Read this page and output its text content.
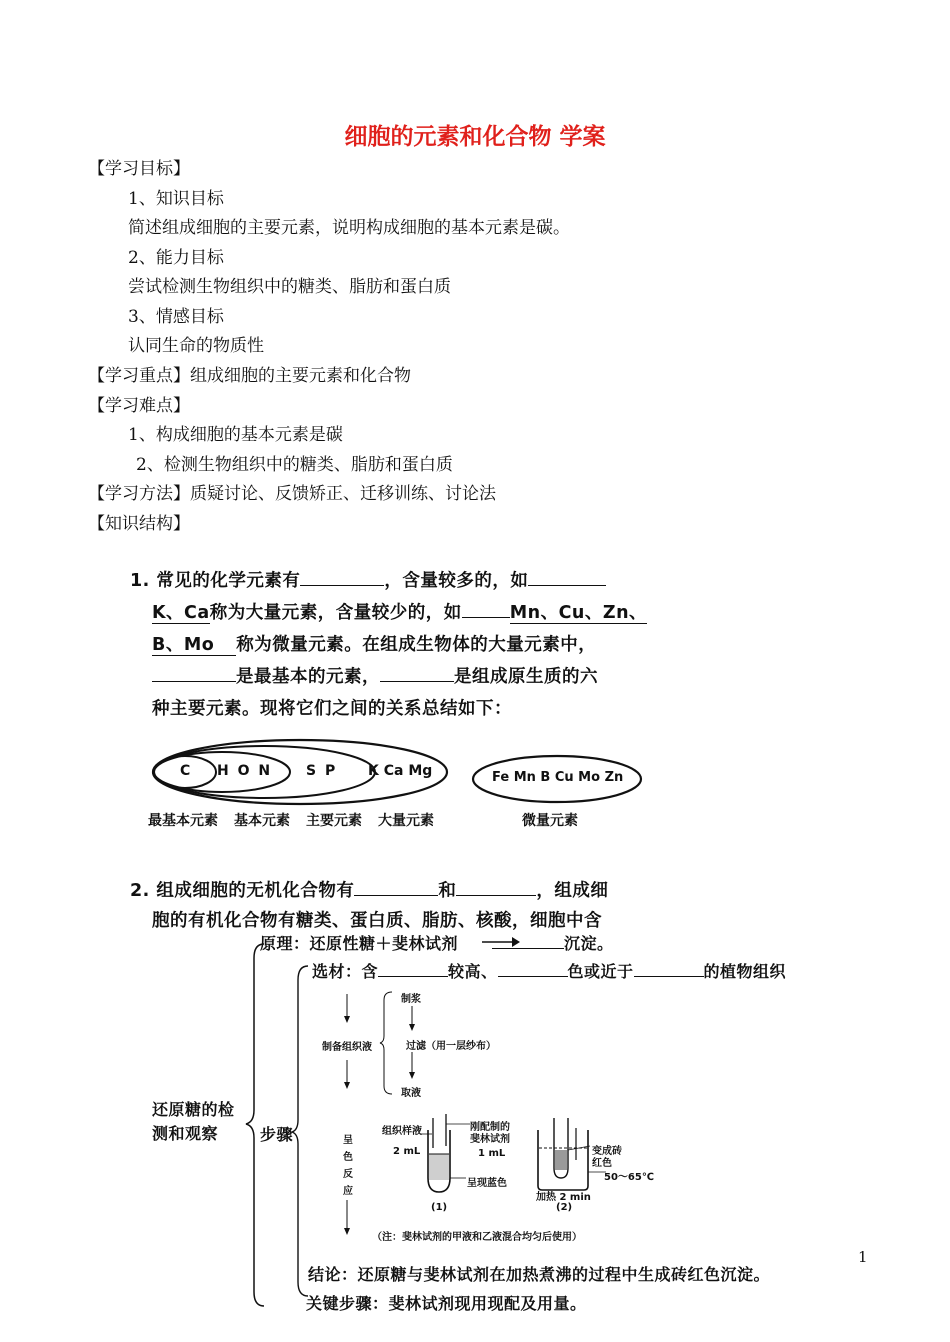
细胞的元素和化合物 学案
【学习目标】
1、知识目标
简述组成细胞的主要元素，说明构成细胞的基本元素是碳。
2、能力目标
尝试检测生物组织中的糖类、脂肪和蛋白质
3、情感目标
认同生命的物质性
【学习重点】组成细胞的主要元素和化合物
【学习难点】
1、构成细胞的基本元素是碳
2、检测生物组织中的糖类、脂肪和蛋白质
【学习方法】质疑讨论、反馈矫正、迁移训练、讨论法
【知识结构】
1. 常见的化学元素有	，含量较多的，如
K、Ca称为大量元素，含量较少的，如	Mn、Cu、Zn、
B、Mo 称为微量元素。在组成生物体的大量元素中，
是最基本的元素，	是组成原生质的六
种主要元素。现将它们之间的关系总结如下：
C H O N S P K Ca Mg	Fe Mn B Cu Mo Zn
最基本元素 基本元素 主要元素 大量元素	微量元素
2. 组成细胞的无机化合物有	和	，组成细
胞的有机化合物有糖类、蛋白质、脂肪、核酸，细胞中含
原理：还原性糖＋斐林试剂	沉淀。
选材：含	较高、	色或近于	的植物组织
还原糖的检
测和观察	步骤
制备组织液
制浆
过滤（用一层纱布）
取液
呈
色
反
应
组织样液
2 mL
刚配制的
斐林试剂
1 mL
呈现蓝色
变成砖
红色
50～65℃
加热 2 min
(1)	(2)
（注：斐林试剂的甲液和乙液混合均匀后使用）
结论：还原糖与斐林试剂在加热煮沸的过程中生成砖红色沉淀。
关键步骤：斐林试剂现用现配及用量。
1
